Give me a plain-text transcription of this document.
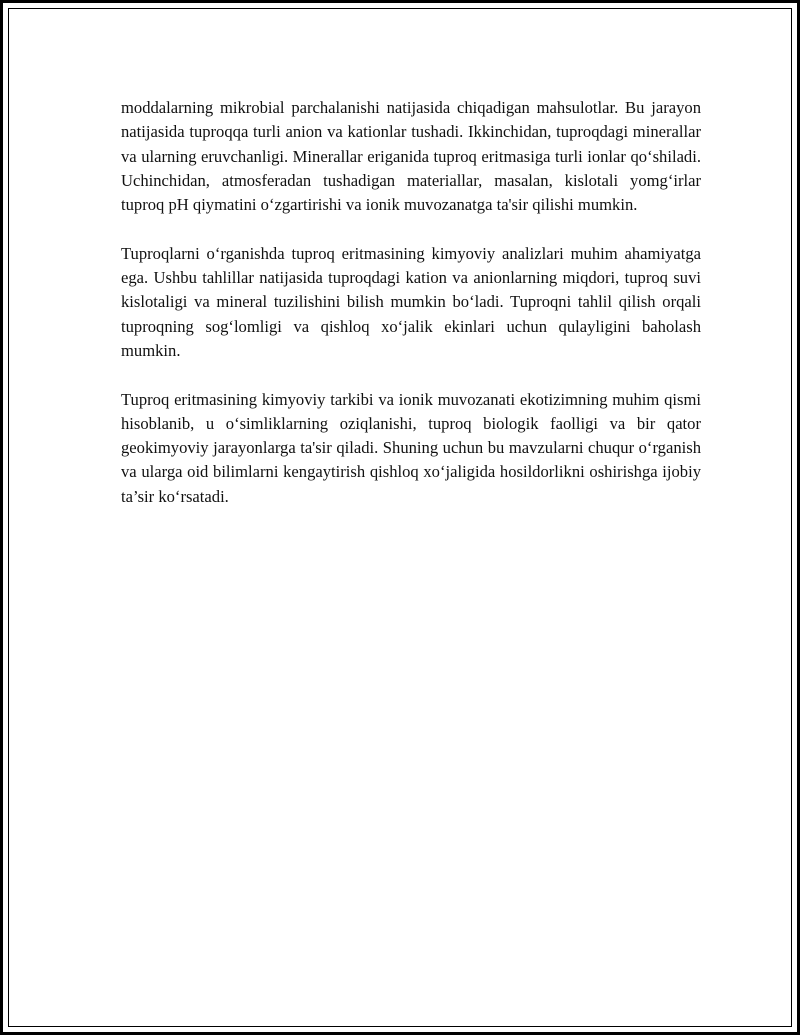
moddalarning mikrobial parchalanishi natijasida chiqadigan mahsulotlar. Bu jarayon natijasida tuproqqa turli anion va kationlar tushadi. Ikkinchidan, tuproqdagi minerallar va ularning eruvchanligi. Minerallar eriganida tuproq eritmasiga turli ionlar qo‘shiladi. Uchinchidan, atmosferadan tushadigan materiallar, masalan, kislotali yomg‘irlar tuproq pH qiymatini o‘zgartirishi va ionik muvozanatga ta'sir qilishi mumkin.

Tuproqlarni o‘rganishda tuproq eritmasining kimyoviy analizlari muhim ahamiyatga ega. Ushbu tahlillar natijasida tuproqdagi kation va anionlarning miqdori, tuproq suvi kislotaligi va mineral tuzilishini bilish mumkin bo‘ladi. Tuproqni tahlil qilish orqali tuproqning sog‘lomligi va qishloq xo‘jalik ekinlari uchun qulayligini baholash mumkin.

Tuproq eritmasining kimyoviy tarkibi va ionik muvozanati ekotizimning muhim qismi hisoblanib, u o‘simliklarning oziqlanishi, tuproq biologik faolligi va bir qator geokimyoviy jarayonlarga ta'sir qiladi. Shuning uchun bu mavzularni chuqur o‘rganish va ularga oid bilimlarni kengaytirish qishloq xo‘jaligida hosildorlikni oshirishga ijobiy ta’sir ko‘rsatadi.
